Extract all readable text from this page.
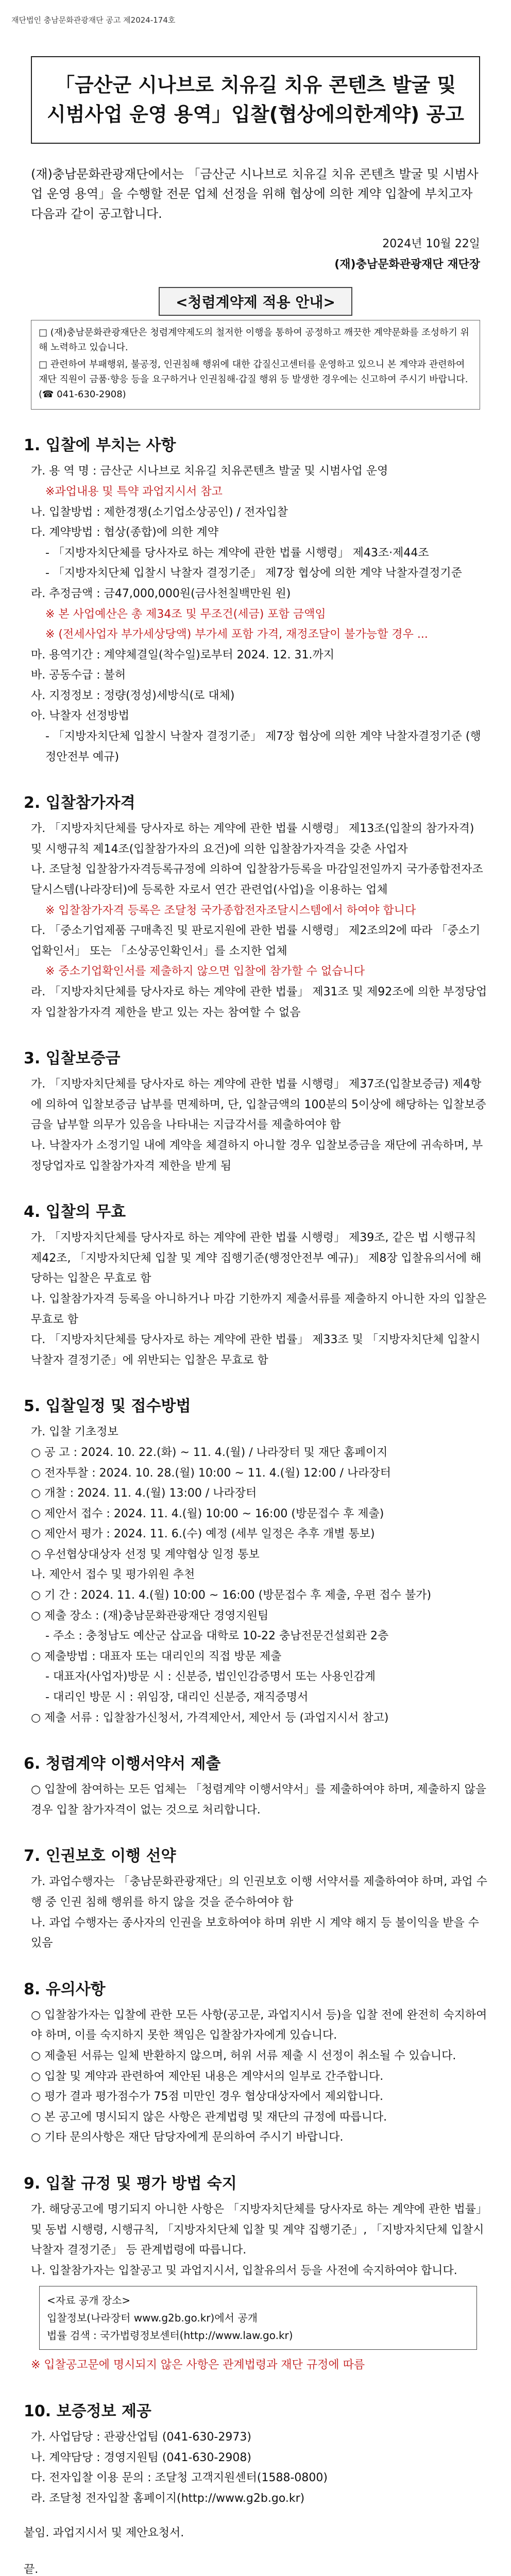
재단법인 충남문화관광재단 공고 제2024-174호

「금산군 시나브로 치유길 치유 콘텐츠 발굴 및

시범사업 운영 용역」입찰(협상에의한계약) 공고

(재)충남문화관광재단에서는 「금산군 시나브로 치유길 치유 콘텐츠 발굴 및 시범사업 운영 용역」을 수행할 전문 업체 선정을 위해 협상에 의한 계약 입찰에 부치고자 다음과 같이 공고합니다.
2024년 10월 22일
(재)충남문화관광재단 재단장
<청렴계약제 적용 안내>

□ (재)충남문화관광재단은 청렴계약제도의 철저한 이행을 통하여 공정하고 깨끗한 계약문화를 조성하기 위해 노력하고 있습니다.

□ 관련하여 부패행위, 불공정, 인권침해 행위에 대한 갑질신고센터를 운영하고 있으니 본 계약과 관련하여 재단 직원이 금품·향응 등을 요구하거나 인권침해·갑질 행위 등 발생한 경우에는 신고하여 주시기 바랍니다. (☎ 041-630-2908)

1. 입찰에 부치는 사항

가. 용 역 명 : 금산군 시나브로 치유길 치유콘텐츠 발굴 및 시범사업 운영

※과업내용 및 특약 과업지시서 참고

나. 입찰방법 : 제한경쟁(소기업소상공인) / 전자입찰

다. 계약방법 : 협상(종합)에 의한 계약

- 「지방자치단체를 당사자로 하는 계약에 관한 법률 시행령」 제43조·제44조

- 「지방자치단체 입찰시 낙찰자 결정기준」 제7장 협상에 의한 계약 낙찰자결정기준

라. 추정금액 : 금47,000,000원(금사천칠백만원 원)

※ 본 사업예산은 총 제34조 및 무조건(세금) 포함 금액임

※ (전세사업자 부가세상당액) 부가세 포함 가격, 재정조달이 불가능할 경우 ...

마. 용역기간 : 계약체결일(착수일)로부터 2024. 12. 31.까지

바. 공동수급 : 불허

사. 지정정보 : 정량(정성)세방식(로 대체)

아. 낙찰자 선정방법

- 「지방자치단체 입찰시 낙찰자 결정기준」 제7장 협상에 의한 계약 낙찰자결정기준 (행정안전부 예규)

2. 입찰참가자격

가. 「지방자치단체를 당사자로 하는 계약에 관한 법률 시행령」 제13조(입찰의 참가자격) 및 시행규칙 제14조(입찰참가자의 요건)에 의한 입찰참가자격을 갖춘 사업자

나. 조달청 입찰참가자격등록규정에 의하여 입찰참가등록을 마감일전일까지 국가종합전자조달시스템(나라장터)에 등록한 자로서 연간 관련업(사업)을 이용하는 업체

※ 입찰참가자격 등록은 조달청 국가종합전자조달시스템에서 하여야 합니다

다. 「중소기업제품 구매촉진 및 판로지원에 관한 법률 시행령」 제2조의2에 따라 「중소기업확인서」 또는 「소상공인확인서」를 소지한 업체

※ 중소기업확인서를 제출하지 않으면 입찰에 참가할 수 없습니다

라. 「지방자치단체를 당사자로 하는 계약에 관한 법률」 제31조 및 제92조에 의한 부정당업자 입찰참가자격 제한을 받고 있는 자는 참여할 수 없음

3. 입찰보증금

가. 「지방자치단체를 당사자로 하는 계약에 관한 법률 시행령」 제37조(입찰보증금) 제4항에 의하여 입찰보증금 납부를 면제하며, 단, 입찰금액의 100분의 5이상에 해당하는 입찰보증금을 납부할 의무가 있음을 나타내는 지급각서를 제출하여야 함

나. 낙찰자가 소정기일 내에 계약을 체결하지 아니할 경우 입찰보증금을 재단에 귀속하며, 부정당업자로 입찰참가자격 제한을 받게 됨

4. 입찰의 무효

가. 「지방자치단체를 당사자로 하는 계약에 관한 법률 시행령」 제39조, 같은 법 시행규칙 제42조, 「지방자치단체 입찰 및 계약 집행기준(행정안전부 예규)」 제8장 입찰유의서에 해당하는 입찰은 무효로 함

나. 입찰참가자격 등록을 아니하거나 마감 기한까지 제출서류를 제출하지 아니한 자의 입찰은 무효로 함

다. 「지방자치단체를 당사자로 하는 계약에 관한 법률」 제33조 및 「지방자치단체 입찰시 낙찰자 결정기준」에 위반되는 입찰은 무효로 함

5. 입찰일정 및 접수방법

가. 입찰 기초정보

○ 공 고 : 2024. 10. 22.(화) ~ 11. 4.(월) / 나라장터 및 재단 홈페이지

○ 전자투찰 : 2024. 10. 28.(월) 10:00 ~ 11. 4.(월) 12:00 / 나라장터

○ 개찰 : 2024. 11. 4.(월) 13:00 / 나라장터

○ 제안서 접수 : 2024. 11. 4.(월) 10:00 ~ 16:00 (방문접수 후 제출)

○ 제안서 평가 : 2024. 11. 6.(수) 예정 (세부 일정은 추후 개별 통보)

○ 우선협상대상자 선정 및 계약협상 일정 통보

나. 제안서 접수 및 평가위원 추천

○ 기 간 : 2024. 11. 4.(월) 10:00 ~ 16:00 (방문접수 후 제출, 우편 접수 불가)

○ 제출 장소 : (재)충남문화관광재단 경영지원팀

- 주소 : 충청남도 예산군 삽교읍 대학로 10-22 충남전문건설회관 2층

○ 제출방법 : 대표자 또는 대리인의 직접 방문 제출

- 대표자(사업자)방문 시 : 신분증, 법인인감증명서 또는 사용인감계

- 대리인 방문 시 : 위임장, 대리인 신분증, 재직증명서

○ 제출 서류 : 입찰참가신청서, 가격제안서, 제안서 등 (과업지시서 참고)

6. 청렴계약 이행서약서 제출

○ 입찰에 참여하는 모든 업체는 「청렴계약 이행서약서」를 제출하여야 하며, 제출하지 않을 경우 입찰 참가자격이 없는 것으로 처리합니다.

7. 인권보호 이행 선약

가. 과업수행자는 「충남문화관광재단」의 인권보호 이행 서약서를 제출하여야 하며, 과업 수행 중 인권 침해 행위를 하지 않을 것을 준수하여야 함

나. 과업 수행자는 종사자의 인권을 보호하여야 하며 위반 시 계약 해지 등 불이익을 받을 수 있음

8. 유의사항

○ 입찰참가자는 입찰에 관한 모든 사항(공고문, 과업지시서 등)을 입찰 전에 완전히 숙지하여야 하며, 이를 숙지하지 못한 책임은 입찰참가자에게 있습니다.

○ 제출된 서류는 일체 반환하지 않으며, 허위 서류 제출 시 선정이 취소될 수 있습니다.

○ 입찰 및 계약과 관련하여 제안된 내용은 계약서의 일부로 간주합니다.

○ 평가 결과 평가점수가 75점 미만인 경우 협상대상자에서 제외합니다.

○ 본 공고에 명시되지 않은 사항은 관계법령 및 재단의 규정에 따릅니다.

○ 기타 문의사항은 재단 담당자에게 문의하여 주시기 바랍니다.

9. 입찰 규정 및 평가 방법 숙지

가. 해당공고에 명기되지 아니한 사항은 「지방자치단체를 당사자로 하는 계약에 관한 법률」 및 동법 시행령, 시행규칙, 「지방자치단체 입찰 및 계약 집행기준」, 「지방자치단체 입찰시 낙찰자 결정기준」 등 관계법령에 따릅니다.

나. 입찰참가자는 입찰공고 및 과업지시서, 입찰유의서 등을 사전에 숙지하여야 합니다.

<자료 공개 장소>
입찰정보(나라장터 www.g2b.go.kr)에서 공개
법률 검색 : 국가법령정보센터(http://www.law.go.kr)
※ 입찰공고문에 명시되지 않은 사항은 관계법령과 재단 규정에 따름
10. 보증정보 제공

가. 사업담당 : 관광산업팀 (041-630-2973)

나. 계약담당 : 경영지원팀 (041-630-2908)

다. 전자입찰 이용 문의 : 조달청 고객지원센터(1588-0800)

라. 조달청 전자입찰 홈페이지(http://www.g2b.go.kr)

붙임. 과업지시서 및 제안요청서.

끝.
